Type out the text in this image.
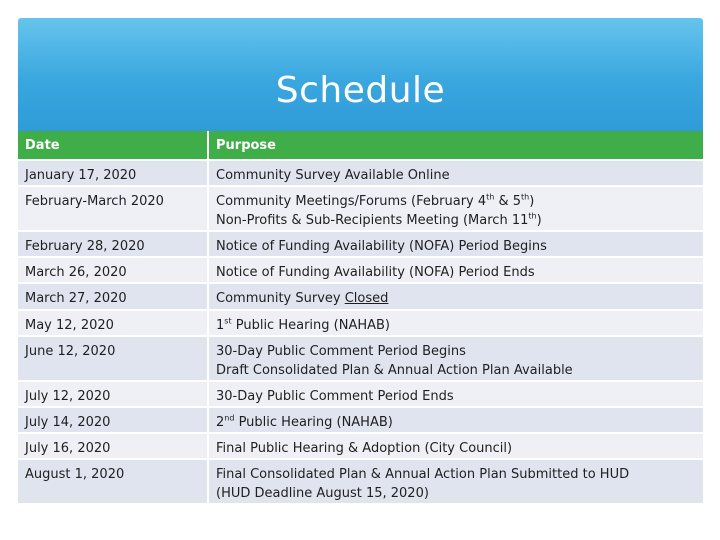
Schedule
Date	Purpose
January 17, 2020	Community Survey Available Online

February-March 2020	Community Meetings/Forums (February 4th & 5th)
Non-Profits & Sub-Recipients Meeting (March 11th)

February 28, 2020	Notice of Funding Availability (NOFA) Period Begins

March 26, 2020	Notice of Funding Availability (NOFA) Period Ends

March 27, 2020	Community Survey Closed

May 12, 2020	1st Public Hearing (NAHAB)

June 12, 2020	30-Day Public Comment Period Begins
Draft Consolidated Plan & Annual Action Plan Available

July 12, 2020	30-Day Public Comment Period Ends

July 14, 2020	2nd Public Hearing (NAHAB)

July 16, 2020	Final Public Hearing & Adoption (City Council)

August 1, 2020	Final Consolidated Plan & Annual Action Plan Submitted to HUD
(HUD Deadline August 15, 2020)
